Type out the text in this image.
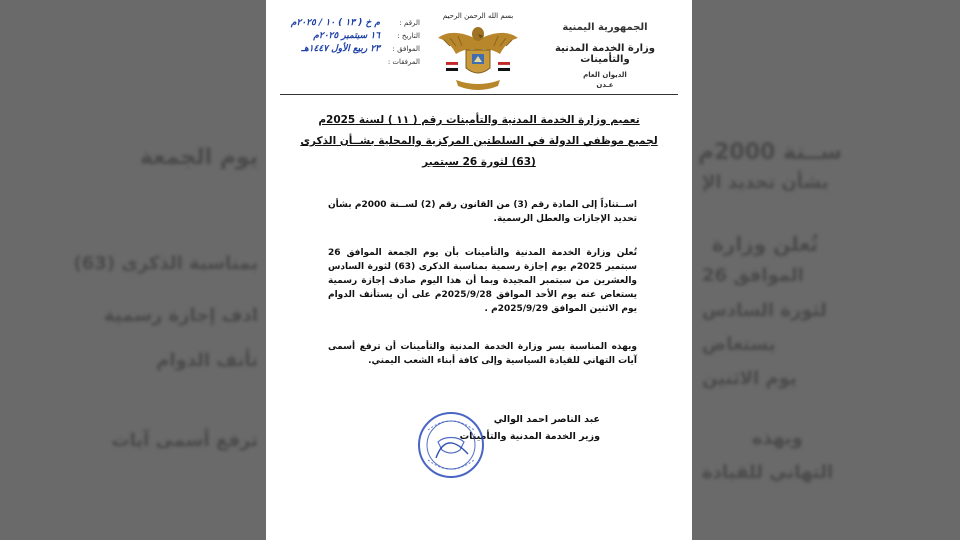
يوم الجمعة
بمناسبة الذكرى (63)
ادف إجازة رسمية
تأنف الدوام
ترفع أسمى آيات
ســنة 2000م
بشأن تحديد الإ
تُعلن وزارة
الموافق 26
لثورة السادس
يستعاض
يوم الاثنين
وبهذه
التهاني للقيادة
الجمهورية اليمنية
وزارة الخدمة المدنية والتأمينات
الديوان العام
عـدن
بسم الله الرحمن الرحيم
الرقم :
م خ ( ١٣ ) ١٠ / ٢٠٢٥م
التاريخ :
١٦ سبتمبر ٢٠٢٥م
الموافق :
٢٣ ربيع الأول ١٤٤٧هـ
المرفقات :
تعميم وزارة الخدمة المدنية والتأمينات رقم ( ١١ ) لسنة 2025م
لجميع موظفي الدولة في السلطتين المركزية والمحلية بشــأن الذكرى
(63) لثورة 26 سبتمبر

اســتناداً إلى المادة رقم (3) من القانون رقم (2) لســنة 2000م بشأن تحديد الإجازات والعطل الرسمية.

تُعلن وزارة الخدمة المدنية والتأمينات بأن يوم الجمعة الموافق 26 سبتمبر 2025م يوم إجازة رسمية بمناسبة الذكرى (63) لثورة السادس والعشرين من سبتمبر المجيدة وبما أن هذا اليوم صادف إجازة رسمية يستعاض عنه يوم الأحد الموافق 2025/9/28م على أن يستأنف الدوام يوم الاثنين الموافق 2025/9/29م .

وبهذه المناسبة يسر وزارة الخدمة المدنية والتأمينات أن ترفع أسمى آيات التهاني للقيادة السياسية وإلى كافة أبناء الشعب اليمني.

عبد الناصر احمد الوالي
وزير الخدمة المدنية والتأمينات
